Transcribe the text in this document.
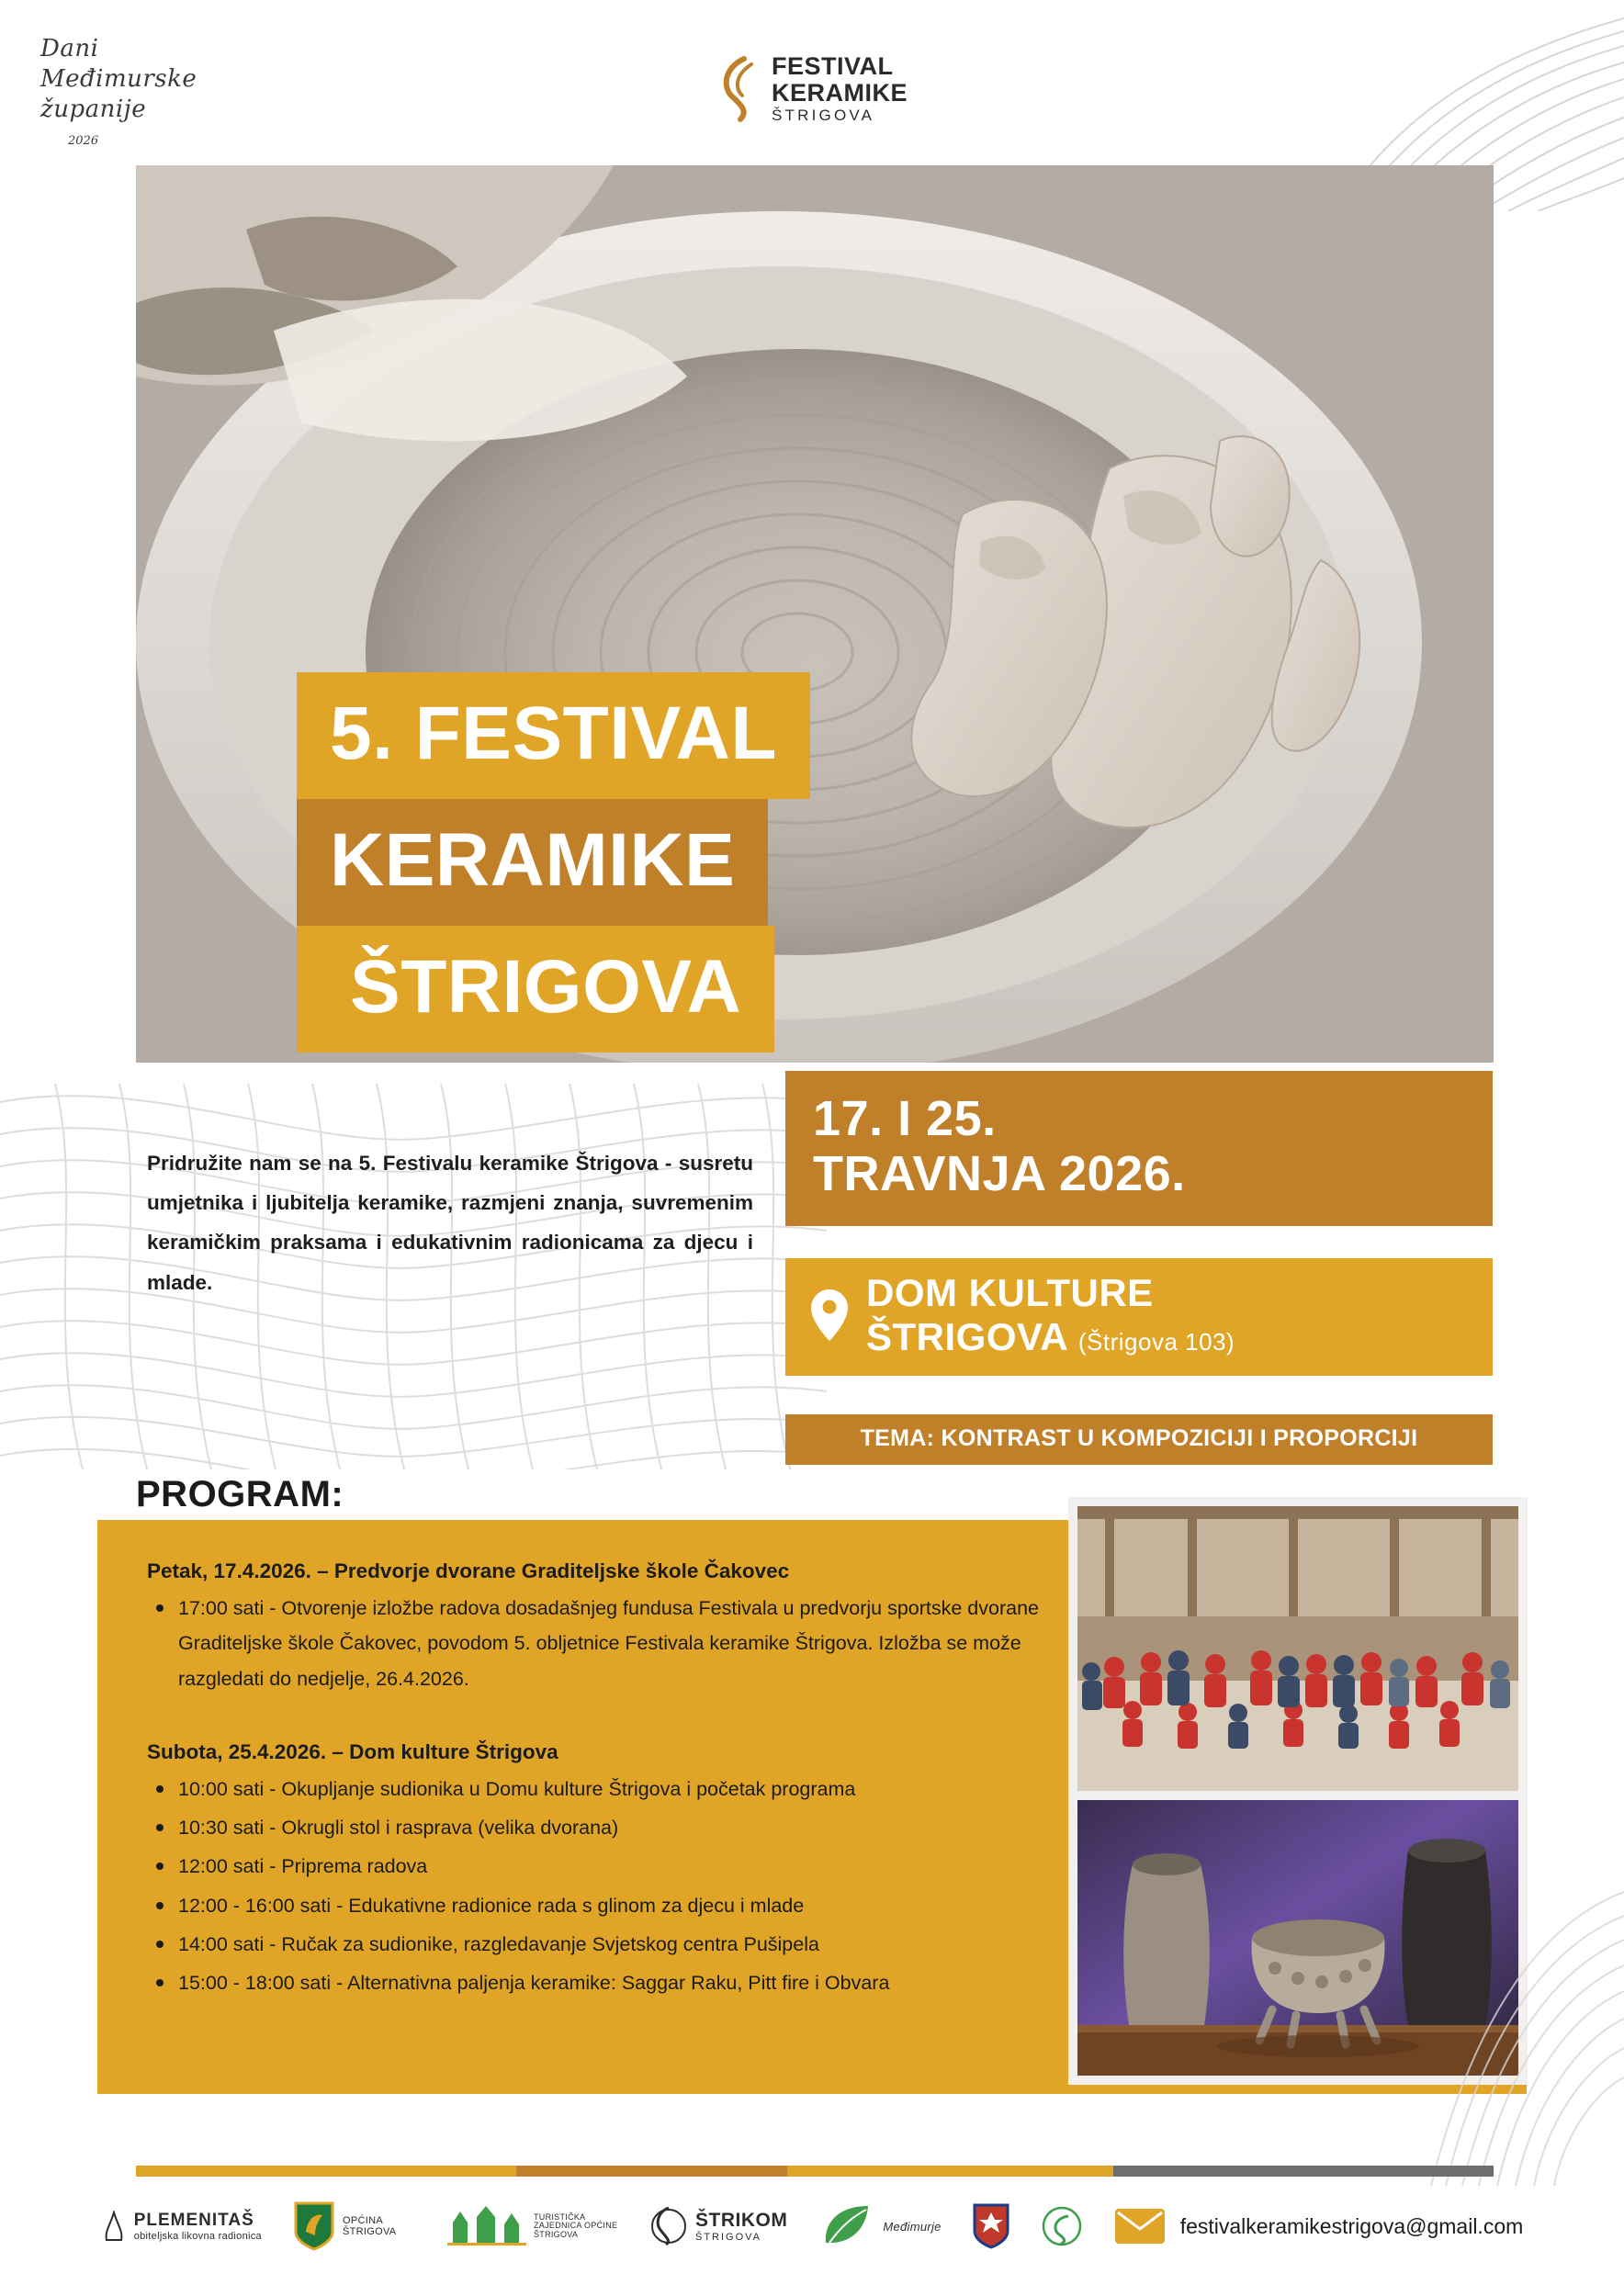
Dani
Međimurske
županije
2026
FESTIVAL
KERAMIKE
ŠTRIGOVA
5. FESTIVAL
KERAMIKE
ŠTRIGOVA
Pridružite nam se na 5. Festivalu keramike Štrigova - susretu umjetnika i ljubitelja keramike, razmjeni znanja, suvremenim keramičkim praksama i edukativnim radionicama za djecu i mlade.
17. I 25.
TRAVNJA 2026.
DOM KULTURE
ŠTRIGOVA (Štrigova 103)
TEMA: KONTRAST U KOMPOZICIJI I PROPORCIJI
PROGRAM:
Petak, 17.4.2026. – Predvorje dvorane Graditeljske škole Čakovec
17:00 sati - Otvorenje izložbe radova dosadašnjeg fundusa Festivala u predvorju sportske dvorane Graditeljske škole Čakovec, povodom 5. obljetnice Festivala keramike Štrigova. Izložba se može razgledati do nedjelje, 26.4.2026.
Subota, 25.4.2026. – Dom kulture Štrigova
10:00 sati - Okupljanje sudionika u Domu kulture Štrigova i početak programa
10:30 sati - Okrugli stol i rasprava (velika dvorana)
12:00 sati - Priprema radova
12:00 - 16:00 sati - Edukativne radionice rada s glinom za djecu i mlade
14:00 sati - Ručak za sudionike, razgledavanje Svjetskog centra Pušipela
15:00 - 18:00 sati - Alternativna paljenja keramike: Saggar Raku, Pitt fire i Obvara
PLEMENITAŠ
obiteljska likovna radionica
OPĆINA ŠTRIGOVA
TURISTIČKA ZAJEDNICA OPĆINE ŠTRIGOVA
ŠTRIKOM
ŠTRIGOVA
Međimurje	festivalkeramikestrigova@gmail.com
